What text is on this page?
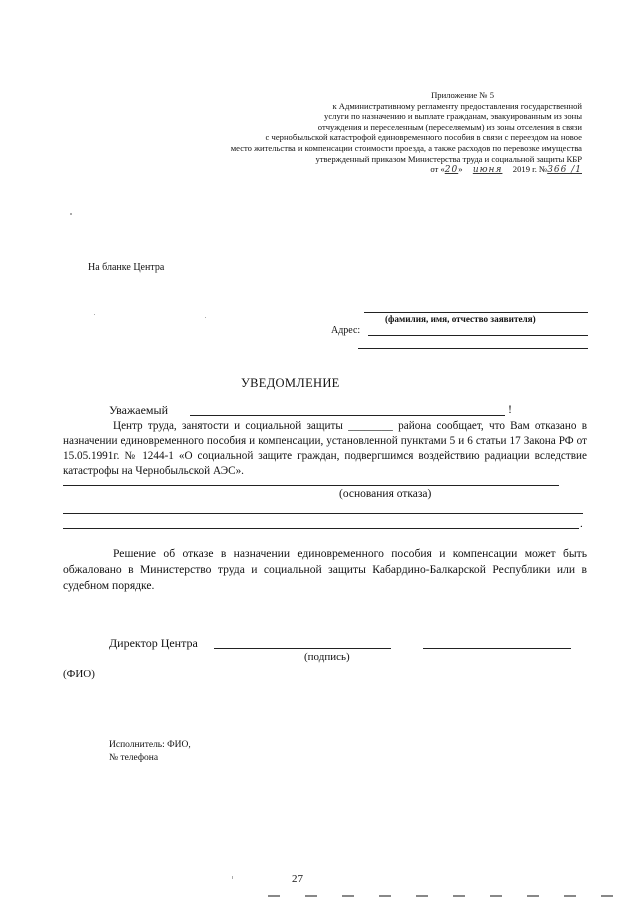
Приложение № 5
к Административному регламенту предоставления государственной
услуги по назначению и выплате гражданам, эвакуированным из зоны
отчуждения и переселенным (переселяемым) из зоны отселения в связи
с чернобыльской катастрофой единовременного пособия в связи с переездом на новое
место жительства и компенсации стоимости проезда, а также расходов по перевозке имущества
утвержденный приказом Министерства труда и социальной защиты КБР
от «20» июня 2019 г. №366 /1
На бланке Центра
(фамилия, имя, отчество заявителя)
Адрес:
УВЕДОМЛЕНИЕ
Уважаемый	!
Центр труда, занятости и социальной защиты ________ района сообщает, что Вам отказано в назначении единовременного пособия и компенсации, установленной пунктами 5 и 6 статьи 17 Закона РФ от 15.05.1991г. № 1244-1 «О социальной защите граждан, подвергшимся воздействию радиации вследствие катастрофы на Чернобыльской АЭС».
(основания отказа)
.
Решение об отказе в назначении единовременного пособия и компенсации может быть обжаловано в Министерство труда и социальной защиты Кабардино-Балкарской Республики или в судебном порядке.
Директор Центра
(подпись)
(ФИО)
Исполнитель: ФИО,
№ телефона
27
